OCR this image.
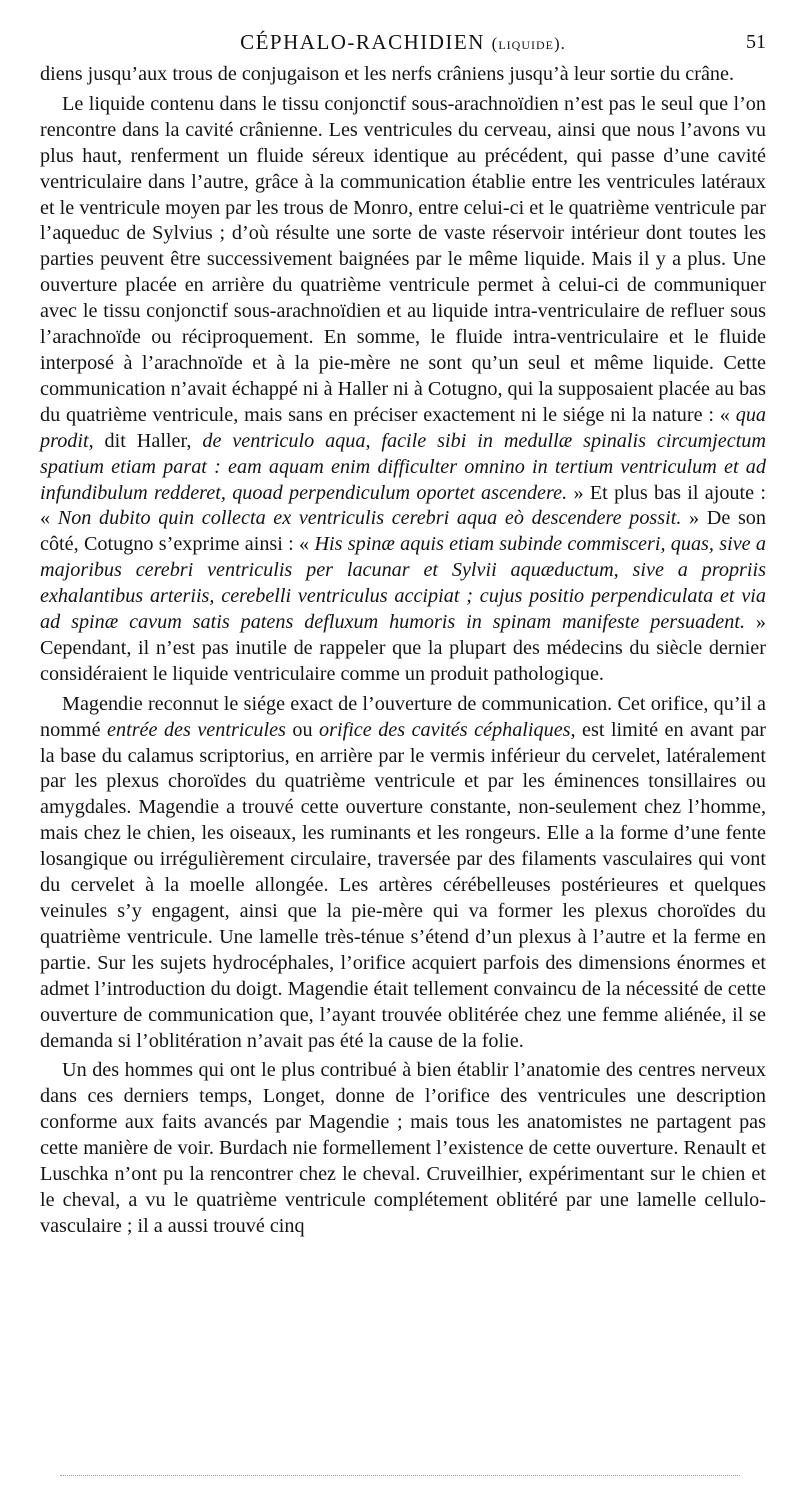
CÉPHALO-RACHIDIEN (liquide).	51

diens jusqu’aux trous de conjugaison et les nerfs crâniens jusqu’à leur sortie du crâne.

Le liquide contenu dans le tissu conjonctif sous-arachnoïdien n’est pas le seul que l’on rencontre dans la cavité crânienne. Les ventricules du cerveau, ainsi que nous l’avons vu plus haut, renferment un fluide séreux identique au précédent, qui passe d’une cavité ventriculaire dans l’autre, grâce à la communication établie entre les ventricules latéraux et le ventricule moyen par les trous de Monro, entre celui-ci et le quatrième ventricule par l’aqueduc de Sylvius ; d’où résulte une sorte de vaste réservoir intérieur dont toutes les parties peuvent être successivement baignées par le même liquide. Mais il y a plus. Une ouverture placée en arrière du quatrième ventricule permet à celui-ci de communiquer avec le tissu conjonctif sous-arachnoïdien et au liquide intra-ventriculaire de refluer sous l’arachnoïde ou réciproquement. En somme, le fluide intra-ventriculaire et le fluide interposé à l’arachnoïde et à la pie-mère ne sont qu’un seul et même liquide. Cette communication n’avait échappé ni à Haller ni à Cotugno, qui la supposaient placée au bas du quatrième ventricule, mais sans en préciser exactement ni le siége ni la nature : « qua prodit, dit Haller, de ventriculo aqua, facile sibi in medullæ spinalis circumjectum spatium etiam parat : eam aquam enim difficulter omnino in tertium ventriculum et ad infundibulum redderet, quoad perpendiculum oportet ascendere. » Et plus bas il ajoute : « Non dubito quin collecta ex ventriculis cerebri aqua eò descendere possit. » De son côté, Cotugno s’exprime ainsi : « His spinæ aquis etiam subinde commisceri, quas, sive a majoribus cerebri ventriculis per lacunar et Sylvii aquæductum, sive a propriis exhalantibus arteriis, cerebelli ventriculus accipiat ; cujus positio perpendiculata et via ad spinæ cavum satis patens defluxum humoris in spinam manifeste persuadent. » Cependant, il n’est pas inutile de rappeler que la plupart des médecins du siècle dernier considéraient le liquide ventriculaire comme un produit pathologique.

Magendie reconnut le siége exact de l’ouverture de communication. Cet orifice, qu’il a nommé entrée des ventricules ou orifice des cavités céphaliques, est limité en avant par la base du calamus scriptorius, en arrière par le vermis inférieur du cervelet, latéralement par les plexus choroïdes du quatrième ventricule et par les éminences tonsillaires ou amygdales. Magendie a trouvé cette ouverture constante, non-seulement chez l’homme, mais chez le chien, les oiseaux, les ruminants et les rongeurs. Elle a la forme d’une fente losangique ou irrégulièrement circulaire, traversée par des filaments vasculaires qui vont du cervelet à la moelle allongée. Les artères cérébelleuses postérieures et quelques veinules s’y engagent, ainsi que la pie-mère qui va former les plexus choroïdes du quatrième ventricule. Une lamelle très-ténue s’étend d’un plexus à l’autre et la ferme en partie. Sur les sujets hydrocéphales, l’orifice acquiert parfois des dimensions énormes et admet l’introduction du doigt. Magendie était tellement convaincu de la nécessité de cette ouverture de communication que, l’ayant trouvée oblitérée chez une femme aliénée, il se demanda si l’oblitération n’avait pas été la cause de la folie.

Un des hommes qui ont le plus contribué à bien établir l’anatomie des centres nerveux dans ces derniers temps, Longet, donne de l’orifice des ventricules une description conforme aux faits avancés par Magendie ; mais tous les anatomistes ne partagent pas cette manière de voir. Burdach nie formellement l’existence de cette ouverture. Renault et Luschka n’ont pu la rencontrer chez le cheval. Cruveilhier, expérimentant sur le chien et le cheval, a vu le quatrième ventricule complétement oblitéré par une lamelle cellulo-vasculaire ; il a aussi trouvé cinq
